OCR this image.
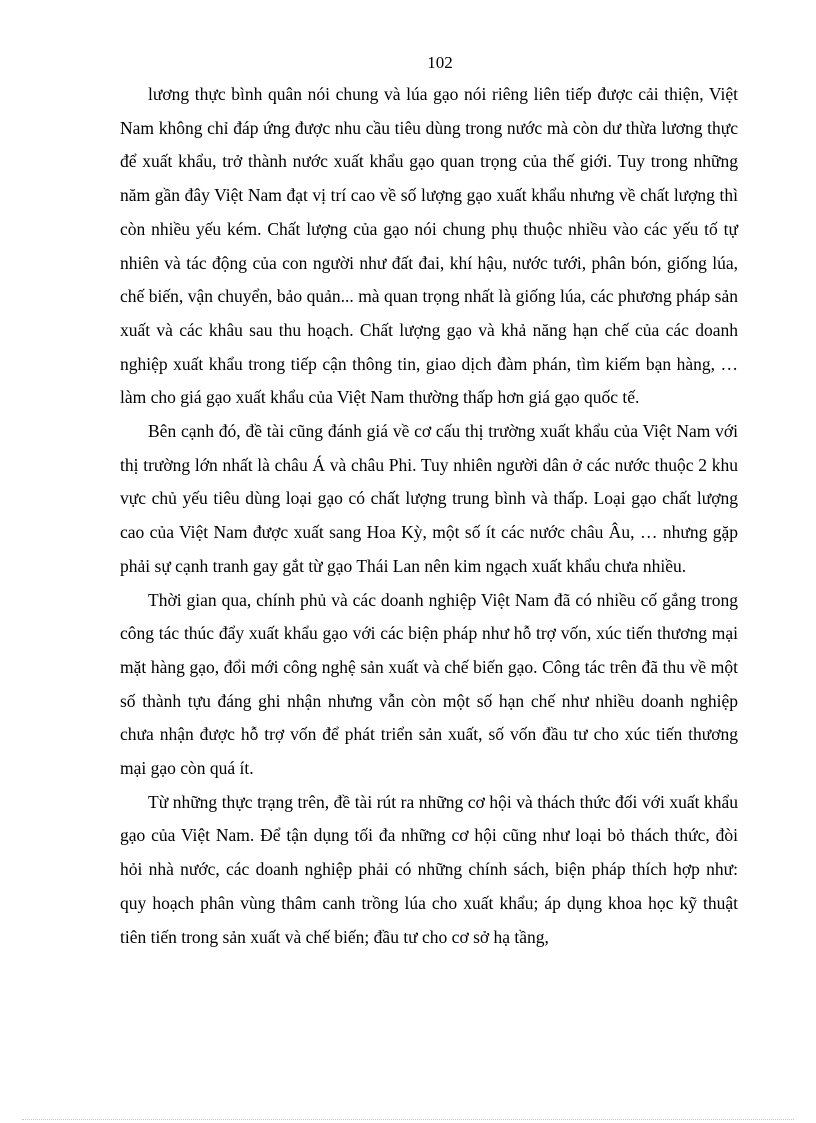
102

lương thực bình quân nói chung và lúa gạo nói riêng liên tiếp được cải thiện, Việt Nam không chỉ đáp ứng được nhu cầu tiêu dùng trong nước mà còn dư thừa lương thực để xuất khẩu, trở thành nước xuất khẩu gạo quan trọng của thế giới. Tuy trong những năm gần đây Việt Nam đạt vị trí cao về số lượng gạo xuất khẩu nhưng về chất lượng thì còn nhiều yếu kém. Chất lượng của gạo nói chung phụ thuộc nhiều vào các yếu tố tự nhiên và tác động của con người như đất đai, khí hậu, nước tưới, phân bón, giống lúa, chế biến, vận chuyển, bảo quản... mà quan trọng nhất là giống lúa, các phương pháp sản xuất và các khâu sau thu hoạch. Chất lượng gạo và khả năng hạn chế của các doanh nghiệp xuất khẩu trong tiếp cận thông tin, giao dịch đàm phán, tìm kiếm bạn hàng, … làm cho giá gạo xuất khẩu của Việt Nam thường thấp hơn giá gạo quốc tế.

Bên cạnh đó, đề tài cũng đánh giá về cơ cấu thị trường xuất khẩu của Việt Nam với thị trường lớn nhất là châu Á và châu Phi. Tuy nhiên người dân ở các nước thuộc 2 khu vực chủ yếu tiêu dùng loại gạo có chất lượng trung bình và thấp. Loại gạo chất lượng cao của Việt Nam được xuất sang Hoa Kỳ, một số ít các nước châu Âu, … nhưng gặp phải sự cạnh tranh gay gắt từ gạo Thái Lan nên kim ngạch xuất khẩu chưa nhiều.

Thời gian qua, chính phủ và các doanh nghiệp Việt Nam đã có nhiều cố gắng trong công tác thúc đẩy xuất khẩu gạo với các biện pháp như hỗ trợ vốn, xúc tiến thương mại mặt hàng gạo, đổi mới công nghệ sản xuất và chế biến gạo. Công tác trên đã thu về một số thành tựu đáng ghi nhận nhưng vẫn còn một số hạn chế như nhiều doanh nghiệp chưa nhận được hỗ trợ vốn để phát triển sản xuất, số vốn đầu tư cho xúc tiến thương mại gạo còn quá ít.

Từ những thực trạng trên, đề tài rút ra những cơ hội và thách thức đối với xuất khẩu gạo của Việt Nam. Để tận dụng tối đa những cơ hội cũng như loại bỏ thách thức, đòi hỏi nhà nước, các doanh nghiệp phải có những chính sách, biện pháp thích hợp như: quy hoạch phân vùng thâm canh trồng lúa cho xuất khẩu; áp dụng khoa học kỹ thuật tiên tiến trong sản xuất và chế biến; đầu tư cho cơ sở hạ tầng,
